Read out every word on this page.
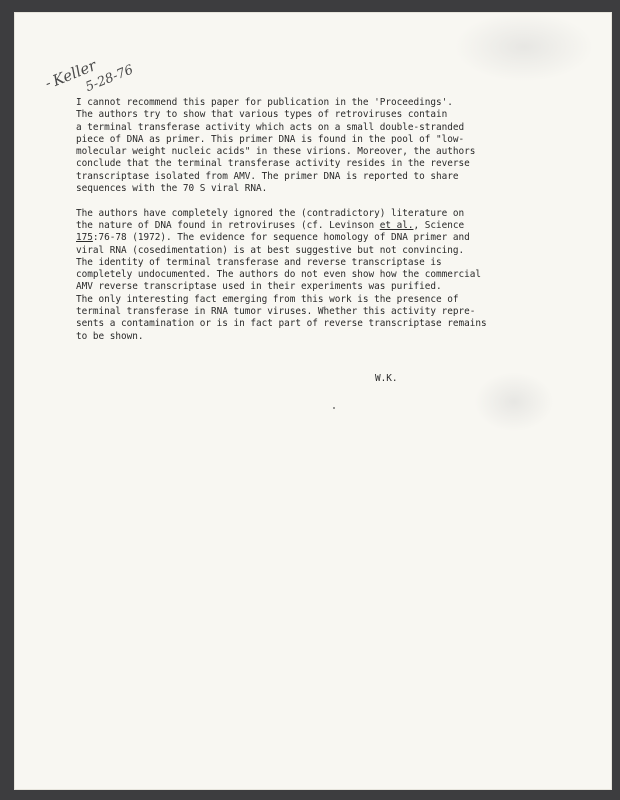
-
Keller
5-28-76
I cannot recommend this paper for publication in the 'Proceedings'.
The authors try to show that various types of retroviruses contain
a terminal transferase activity which acts on a small double-stranded
piece of DNA as primer. This primer DNA is found in the pool of "low-
molecular weight nucleic acids" in these virions. Moreover, the authors
conclude that the terminal transferase activity resides in the reverse
transcriptase isolated from AMV. The primer DNA is reported to share
sequences with the 70 S viral RNA.
The authors have completely ignored the (contradictory) literature on
the nature of DNA found in retroviruses (cf. Levinson et al., Science
175:76-78 (1972). The evidence for sequence homology of DNA primer and
viral RNA (cosedimentation) is at best suggestive but not convincing.
The identity of terminal transferase and reverse transcriptase is
completely undocumented. The authors do not even show how the commercial
AMV reverse transcriptase used in their experiments was purified.
The only interesting fact emerging from this work is the presence of
terminal transferase in RNA tumor viruses. Whether this activity repre-
sents a contamination or is in fact part of reverse transcriptase remains
to be shown.
W.K.
